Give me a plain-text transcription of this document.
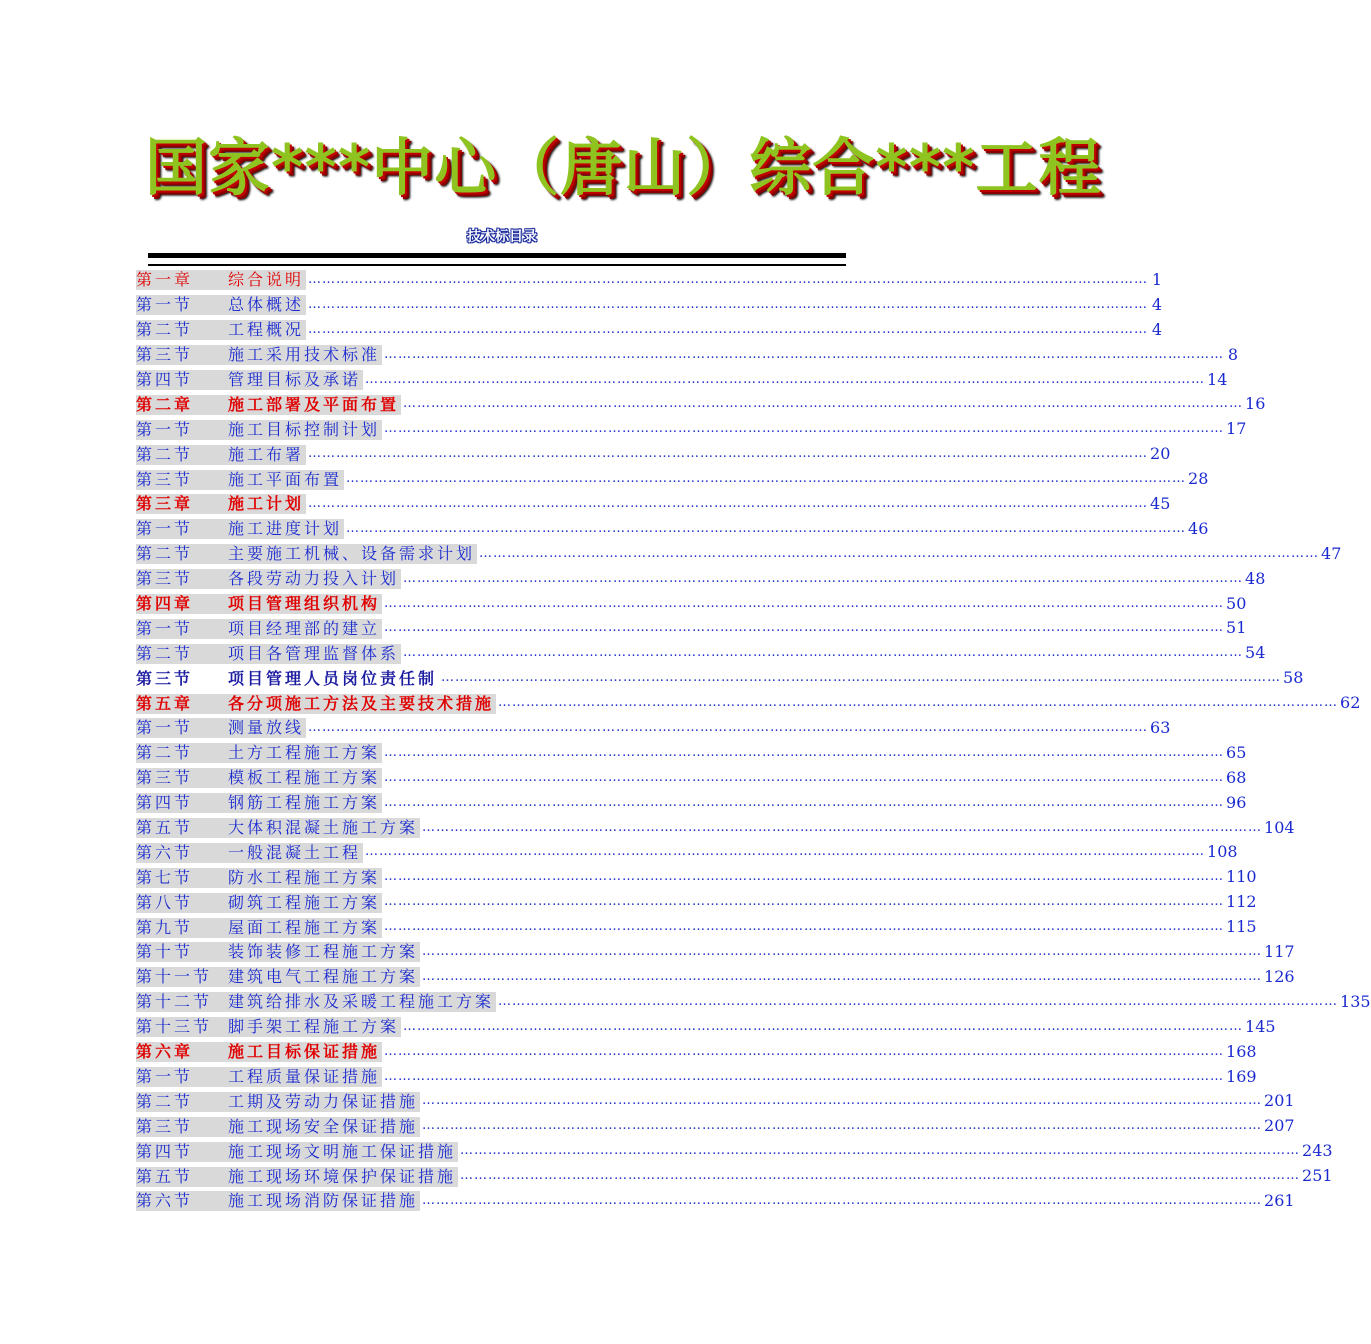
国家***中心（唐山）综合***工程
技术标目录
第一章 综合说明 ……………………………………………………………………………………………………………………………………………………………… 1
第一节 总体概述 ……………………………………………………………………………………………………………………………………………………………… 4
第二节 工程概况 ……………………………………………………………………………………………………………………………………………………………… 4
第三节 施工采用技术标准 ……………………………………………………………………………………………………………………………………………………………… 8
第四节 管理目标及承诺 ……………………………………………………………………………………………………………………………………………………………… 14
第二章 施工部署及平面布置 ……………………………………………………………………………………………………………………………………………………………… 16
第一节 施工目标控制计划 ……………………………………………………………………………………………………………………………………………………………… 17
第二节 施工布署 ……………………………………………………………………………………………………………………………………………………………… 20
第三节 施工平面布置 ……………………………………………………………………………………………………………………………………………………………… 28
第三章 施工计划 ……………………………………………………………………………………………………………………………………………………………… 45
第一节 施工进度计划 ……………………………………………………………………………………………………………………………………………………………… 46
第二节 主要施工机械、设备需求计划 ……………………………………………………………………………………………………………………………………………………………… 47
第三节 各段劳动力投入计划 ……………………………………………………………………………………………………………………………………………………………… 48
第四章 项目管理组织机构 ……………………………………………………………………………………………………………………………………………………………… 50
第一节 项目经理部的建立 ……………………………………………………………………………………………………………………………………………………………… 51
第二节 项目各管理监督体系 ……………………………………………………………………………………………………………………………………………………………… 54
第三节 项目管理人员岗位责任制 ……………………………………………………………………………………………………………………………………………………………… 58
第五章 各分项施工方法及主要技术措施 ……………………………………………………………………………………………………………………………………………………………… 62
第一节 测量放线 ……………………………………………………………………………………………………………………………………………………………… 63
第二节 土方工程施工方案 ……………………………………………………………………………………………………………………………………………………………… 65
第三节 模板工程施工方案 ……………………………………………………………………………………………………………………………………………………………… 68
第四节 钢筋工程施工方案 ……………………………………………………………………………………………………………………………………………………………… 96
第五节 大体积混凝土施工方案 ……………………………………………………………………………………………………………………………………………………………… 104
第六节 一般混凝土工程 ……………………………………………………………………………………………………………………………………………………………… 108
第七节 防水工程施工方案 ……………………………………………………………………………………………………………………………………………………………… 110
第八节 砌筑工程施工方案 ……………………………………………………………………………………………………………………………………………………………… 112
第九节 屋面工程施工方案 ……………………………………………………………………………………………………………………………………………………………… 115
第十节 装饰装修工程施工方案 ……………………………………………………………………………………………………………………………………………………………… 117
第十一节 建筑电气工程施工方案 ……………………………………………………………………………………………………………………………………………………………… 126
第十二节 建筑给排水及采暖工程施工方案 ……………………………………………………………………………………………………………………………………………………………… 135
第十三节 脚手架工程施工方案 ……………………………………………………………………………………………………………………………………………………………… 145
第六章 施工目标保证措施 ……………………………………………………………………………………………………………………………………………………………… 168
第一节 工程质量保证措施 ……………………………………………………………………………………………………………………………………………………………… 169
第二节 工期及劳动力保证措施 ……………………………………………………………………………………………………………………………………………………………… 201
第三节 施工现场安全保证措施 ……………………………………………………………………………………………………………………………………………………………… 207
第四节 施工现场文明施工保证措施 ……………………………………………………………………………………………………………………………………………………………… 243
第五节 施工现场环境保护保证措施 ……………………………………………………………………………………………………………………………………………………………… 251
第六节 施工现场消防保证措施 ……………………………………………………………………………………………………………………………………………………………… 261
